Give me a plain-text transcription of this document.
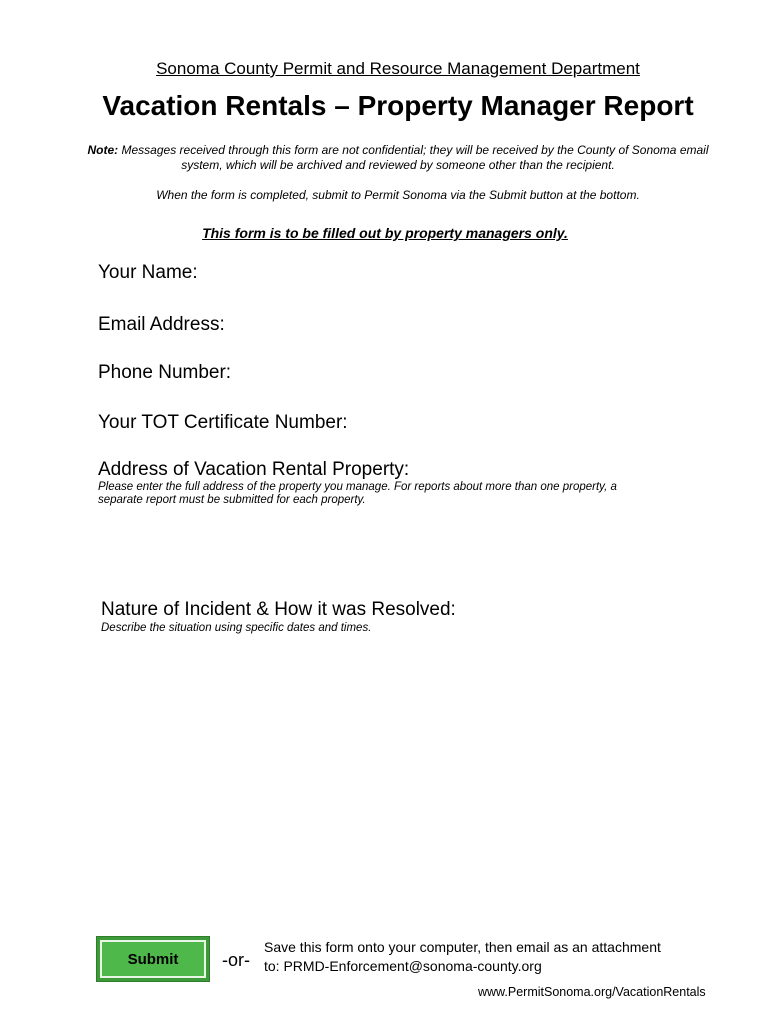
Sonoma County Permit and Resource Management Department
Vacation Rentals – Property Manager Report
Note: Messages received through this form are not confidential; they will be received by the County of Sonoma email system, which will be archived and reviewed by someone other than the recipient.
When the form is completed, submit to Permit Sonoma via the Submit button at the bottom.
This form is to be filled out by property managers only.
Your Name:
Email Address:
Phone Number:
Your TOT Certificate Number:
Address of Vacation Rental Property:
Please enter the full address of the property you manage. For reports about more than one property, a separate report must be submitted for each property.
Nature of Incident & How it was Resolved:
Describe the situation using specific dates and times.
Submit	-or-
Save this form onto your computer, then email as an attachment
to: PRMD-Enforcement@sonoma-county.org
www.PermitSonoma.org/VacationRentals
